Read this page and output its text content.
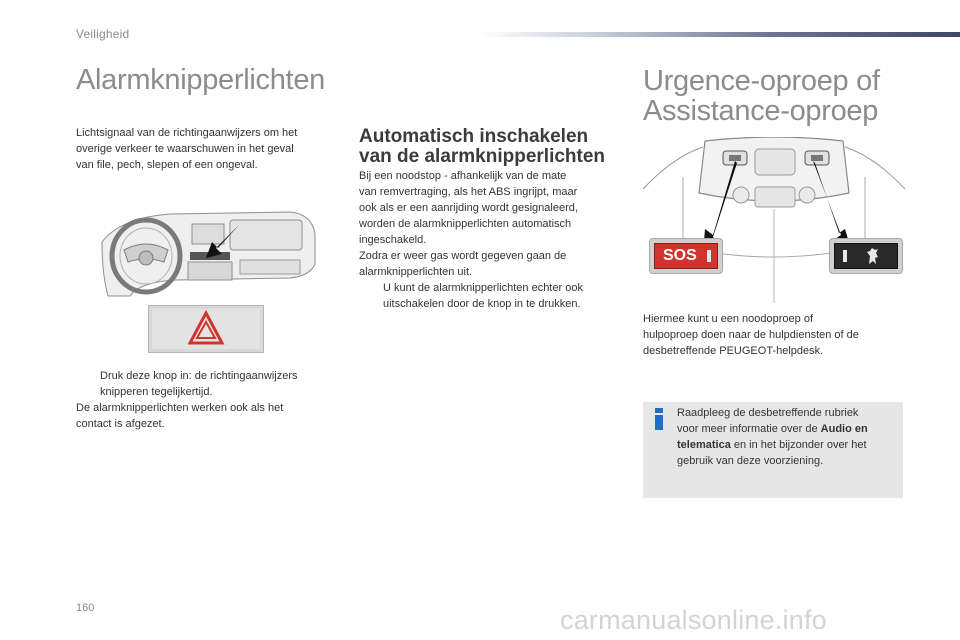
Veiligheid
Alarmknipperlichten

Lichtsignaal van de richtingaanwijzers om het

overige verkeer te waarschuwen in het geval

van file, pech, slepen of een ongeval.

Druk deze knop in: de richtingaanwijzers

knipperen tegelijkertijd.

De alarmknipperlichten werken ook als het

contact is afgezet.

Automatisch inschakelen
van de alarmknipperlichten

Bij een noodstop - afhankelijk van de mate

van remvertraging, als het ABS ingrijpt, maar

ook als er een aanrijding wordt gesignaleerd,

worden de alarmknipperlichten automatisch

ingeschakeld.

Zodra er weer gas wordt gegeven gaan de

alarmknipperlichten uit.

U kunt de alarmknipperlichten echter ook

uitschakelen door de knop in te drukken.

Urgence-oproep of
Assistance-oproep
SOS

Hiermee kunt u een noodoproep of

hulpoproep doen naar de hulpdiensten of de

desbetreffende PEUGEOT-helpdesk.

Raadpleeg de desbetreffende rubriek

voor meer informatie over de Audio en

telematica en in het bijzonder over het

gebruik van deze voorziening.

160	carmanualsonline.info
